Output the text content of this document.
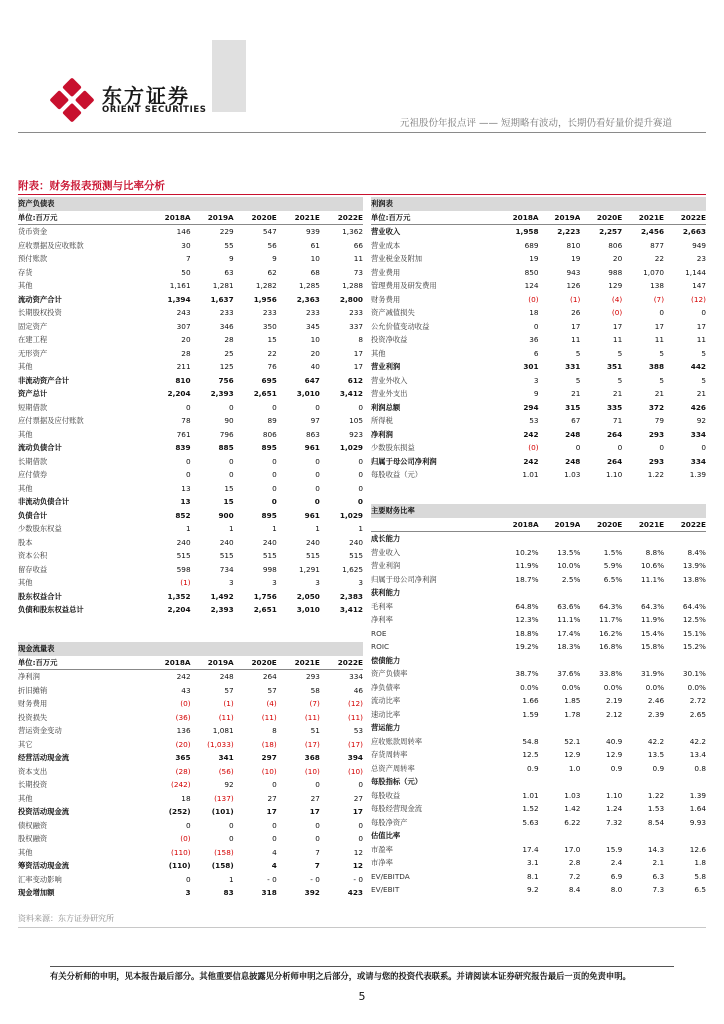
东方证券
ORIENT SECURITIES
元祖股份年报点评 —— 短期略有波动，长期仍看好量价提升赛道
附表：财务报表预测与比率分析
资产负债表					
单位:百万元	2018A	2019A	2020E	2021E	2022E
货币资金	146	229	547	939	1,362
应收票据及应收账款	30	55	56	61	66
预付账款	7	9	9	10	11
存货	50	63	62	68	73
其他	1,161	1,281	1,282	1,285	1,288
流动资产合计	1,394	1,637	1,956	2,363	2,800
长期股权投资	243	233	233	233	233
固定资产	307	346	350	345	337
在建工程	20	28	15	10	8
无形资产	28	25	22	20	17
其他	211	125	76	40	17
非流动资产合计	810	756	695	647	612
资产总计	2,204	2,393	2,651	3,010	3,412
短期借款	0	0	0	0	0
应付票据及应付账款	78	90	89	97	105
其他	761	796	806	863	923
流动负债合计	839	885	895	961	1,029
长期借款	0	0	0	0	0
应付债券	0	0	0	0	0
其他	13	15	0	0	0
非流动负债合计	13	15	0	0	0
负债合计	852	900	895	961	1,029
少数股东权益	1	1	1	1	1
股本	240	240	240	240	240
资本公积	515	515	515	515	515
留存收益	598	734	998	1,291	1,625
其他	(1)	3	3	3	3
股东权益合计	1,352	1,492	1,756	2,050	2,383
负债和股东权益总计	2,204	2,393	2,651	3,010	3,412
现金流量表					
单位:百万元	2018A	2019A	2020E	2021E	2022E
净利润	242	248	264	293	334
折旧摊销	43	57	57	58	46
财务费用	(0)	(1)	(4)	(7)	(12)
投资损失	(36)	(11)	(11)	(11)	(11)
营运资金变动	136	1,081	8	51	53
其它	(20)	(1,033)	(18)	(17)	(17)
经营活动现金流	365	341	297	368	394
资本支出	(28)	(56)	(10)	(10)	(10)
长期投资	(242)	92	0	0	0
其他	18	(137)	27	27	27
投资活动现金流	(252)	(101)	17	17	17
债权融资	0	0	0	0	0
股权融资	(0)	0	0	0	0
其他	(110)	(158)	4	7	12
筹资活动现金流	(110)	(158)	4	7	12
汇率变动影响	0	1	- 0	- 0	- 0
现金增加额	3	83	318	392	423
利润表					
单位:百万元	2018A	2019A	2020E	2021E	2022E
营业收入	1,958	2,223	2,257	2,456	2,663
营业成本	689	810	806	877	949
营业税金及附加	19	19	20	22	23
营业费用	850	943	988	1,070	1,144
管理费用及研发费用	124	126	129	138	147
财务费用	(0)	(1)	(4)	(7)	(12)
资产减值损失	18	26	(0)	0	0
公允价值变动收益	0	17	17	17	17
投资净收益	36	11	11	11	11
其他	6	5	5	5	5
营业利润	301	331	351	388	442
营业外收入	3	5	5	5	5
营业外支出	9	21	21	21	21
利润总额	294	315	335	372	426
所得税	53	67	71	79	92
净利润	242	248	264	293	334
少数股东损益	(0)	0	0	0	0
归属于母公司净利润	242	248	264	293	334
每股收益（元）	1.01	1.03	1.10	1.22	1.39
主要财务比率					
	2018A	2019A	2020E	2021E	2022E
成长能力					
营业收入	10.2%	13.5%	1.5%	8.8%	8.4%
营业利润	11.9%	10.0%	5.9%	10.6%	13.9%
归属于母公司净利润	18.7%	2.5%	6.5%	11.1%	13.8%
获利能力					
毛利率	64.8%	63.6%	64.3%	64.3%	64.4%
净利率	12.3%	11.1%	11.7%	11.9%	12.5%
ROE	18.8%	17.4%	16.2%	15.4%	15.1%
ROIC	19.2%	18.3%	16.8%	15.8%	15.2%
偿债能力					
资产负债率	38.7%	37.6%	33.8%	31.9%	30.1%
净负债率	0.0%	0.0%	0.0%	0.0%	0.0%
流动比率	1.66	1.85	2.19	2.46	2.72
速动比率	1.59	1.78	2.12	2.39	2.65
营运能力					
应收账款周转率	54.8	52.1	40.9	42.2	42.2
存货周转率	12.5	12.9	12.9	13.5	13.4
总资产周转率	0.9	1.0	0.9	0.9	0.8
每股指标（元）					
每股收益	1.01	1.03	1.10	1.22	1.39
每股经营现金流	1.52	1.42	1.24	1.53	1.64
每股净资产	5.63	6.22	7.32	8.54	9.93
估值比率					
市盈率	17.4	17.0	15.9	14.3	12.6
市净率	3.1	2.8	2.4	2.1	1.8
EV/EBITDA	8.1	7.2	6.9	6.3	5.8
EV/EBIT	9.2	8.4	8.0	7.3	6.5
资料来源：东方证券研究所
有关分析师的申明，见本报告最后部分。其他重要信息披露见分析师申明之后部分，或请与您的投资代表联系。并请阅读本证券研究报告最后一页的免责申明。
5
